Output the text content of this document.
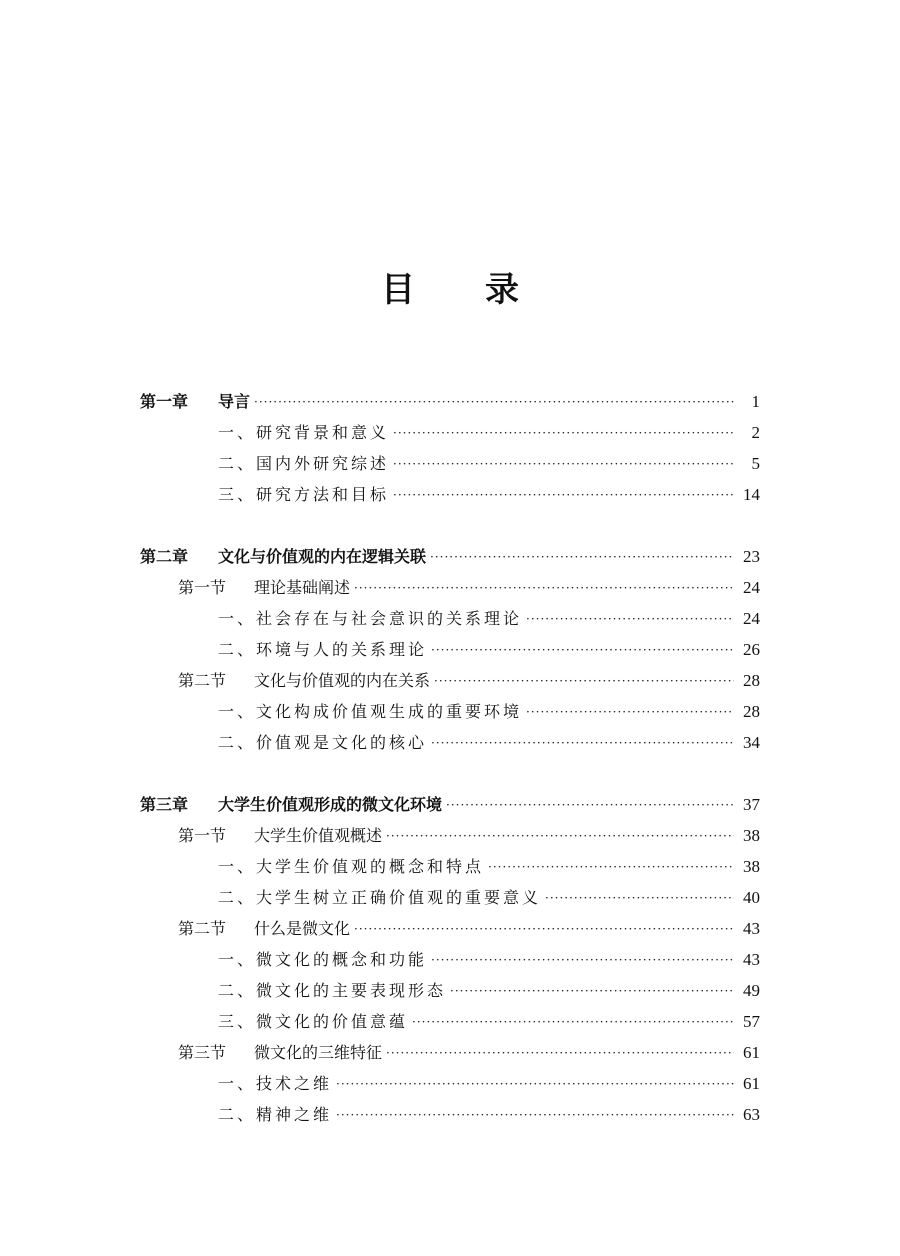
目 录
第一章 导言 ·····	1
一、研究背景和意义 ·····	2
二、国内外研究综述 ·····	5
三、研究方法和目标 ·····	14
第二章 文化与价值观的内在逻辑关联 ·····	23
第一节 理论基础阐述 ·····	24
一、社会存在与社会意识的关系理论 ·····	24
二、环境与人的关系理论 ·····	26
第二节 文化与价值观的内在关系 ·····	28
一、文化构成价值观生成的重要环境 ·····	28
二、价值观是文化的核心 ·····	34
第三章 大学生价值观形成的微文化环境 ·····	37
第一节 大学生价值观概述 ·····	38
一、大学生价值观的概念和特点 ·····	38
二、大学生树立正确价值观的重要意义 ·····	40
第二节 什么是微文化 ·····	43
一、微文化的概念和功能 ·····	43
二、微文化的主要表现形态 ·····	49
三、微文化的价值意蕴 ·····	57
第三节 微文化的三维特征 ·····	61
一、技术之维 ·····	61
二、精神之维 ·····	63
